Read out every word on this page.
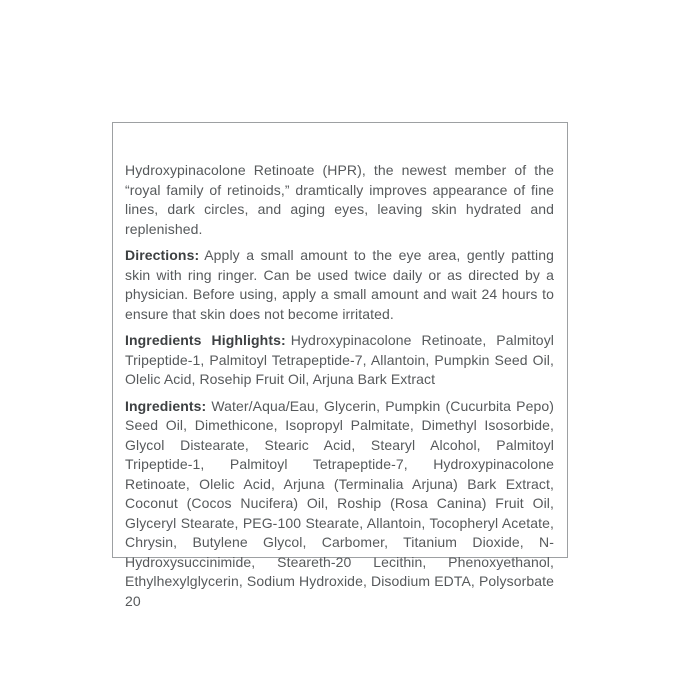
Hydroxypinacolone Retinoate (HPR), the newest member of the “royal family of retinoids,” dramtically improves appearance of fine lines, dark circles, and aging eyes, leaving skin hydrated and replenished.

Directions: Apply a small amount to the eye area, gently patting skin with ring ringer. Can be used twice daily or as directed by a physician. Before using, apply a small amount and wait 24 hours to ensure that skin does not become irritated.

Ingredients Highlights: Hydroxypinacolone Retinoate, Palmitoyl Tripeptide-1, Palmitoyl Tetrapeptide-7, Allantoin, Pumpkin Seed Oil, Olelic Acid, Rosehip Fruit Oil, Arjuna Bark Extract

Ingredients: Water/Aqua/Eau, Glycerin, Pumpkin (Cucurbita Pepo) Seed Oil, Dimethicone, Isopropyl Palmitate, Dimethyl Isosorbide, Glycol Distearate, Stearic Acid, Stearyl Alcohol, Palmitoyl Tripeptide-1, Palmitoyl Tetrapeptide-7, Hydroxypinacolone Retinoate, Olelic Acid, Arjuna (Terminalia Arjuna) Bark Extract, Coconut (Cocos Nucifera) Oil, Roship (Rosa Canina) Fruit Oil, Glyceryl Stearate, PEG-100 Stearate, Allantoin, Tocopheryl Acetate, Chrysin, Butylene Glycol, Carbomer, Titanium Dioxide, N-Hydroxysuccinimide, Steareth-20 Lecithin, Phenoxyethanol, Ethylhexylglycerin, Sodium Hydroxide, Disodium EDTA, Polysorbate 20
